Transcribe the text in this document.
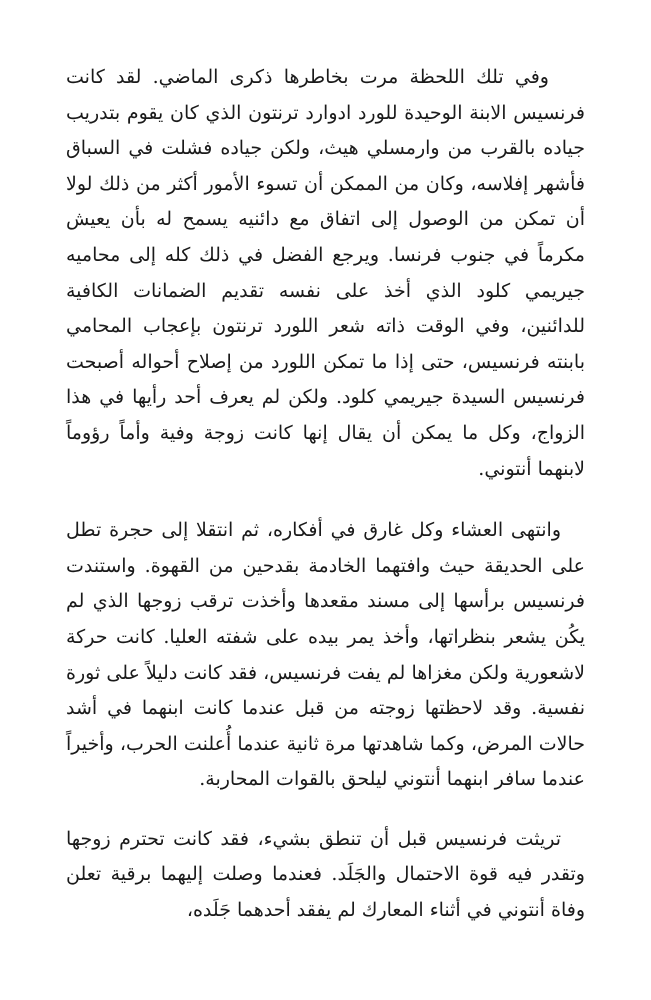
وفي تلك اللحظة مرت بخاطرها ذكرى الماضي. لقد كانت فرنسيس الابنة الوحيدة للورد ادوارد ترنتون الذي كان يقوم بتدريب جياده بالقرب من وارمسلي هيث، ولكن جياده فشلت في السباق فأشهر إفلاسه، وكان من الممكن أن تسوء الأمور أكثر من ذلك لولا أن تمكن من الوصول إلى اتفاق مع دائنيه يسمح له بأن يعيش مكرماً في جنوب فرنسا. ويرجع الفضل في ذلك كله إلى محاميه جيريمي كلود الذي أخذ على نفسه تقديم الضمانات الكافية للدائنين، وفي الوقت ذاته شعر اللورد ترنتون بإعجاب المحامي بابنته فرنسيس، حتى إذا ما تمكن اللورد من إصلاح أحواله أصبحت فرنسيس السيدة جيريمي كلود. ولكن لم يعرف أحد رأيها في هذا الزواج، وكل ما يمكن أن يقال إنها كانت زوجة وفية وأماً رؤوماً لابنهما أنتوني.

وانتهى العشاء وكل غارق في أفكاره، ثم انتقلا إلى حجرة تطل على الحديقة حيث وافتهما الخادمة بقدحين من القهوة. واستندت فرنسيس برأسها إلى مسند مقعدها وأخذت ترقب زوجها الذي لم يكُن يشعر بنظراتها، وأخذ يمر بيده على شفته العليا. كانت حركة لاشعورية ولكن مغزاها لم يفت فرنسيس، فقد كانت دليلاً على ثورة نفسية. وقد لاحظتها زوجته من قبل عندما كانت ابنهما في أشد حالات المرض، وكما شاهدتها مرة ثانية عندما أُعلنت الحرب، وأخيراً عندما سافر ابنهما أنتوني ليلحق بالقوات المحاربة.

تريثت فرنسيس قبل أن تنطق بشيء، فقد كانت تحترم زوجها وتقدر فيه قوة الاحتمال والجَلَد. فعندما وصلت إليهما برقية تعلن وفاة أنتوني في أثناء المعارك لم يفقد أحدهما جَلَده،
